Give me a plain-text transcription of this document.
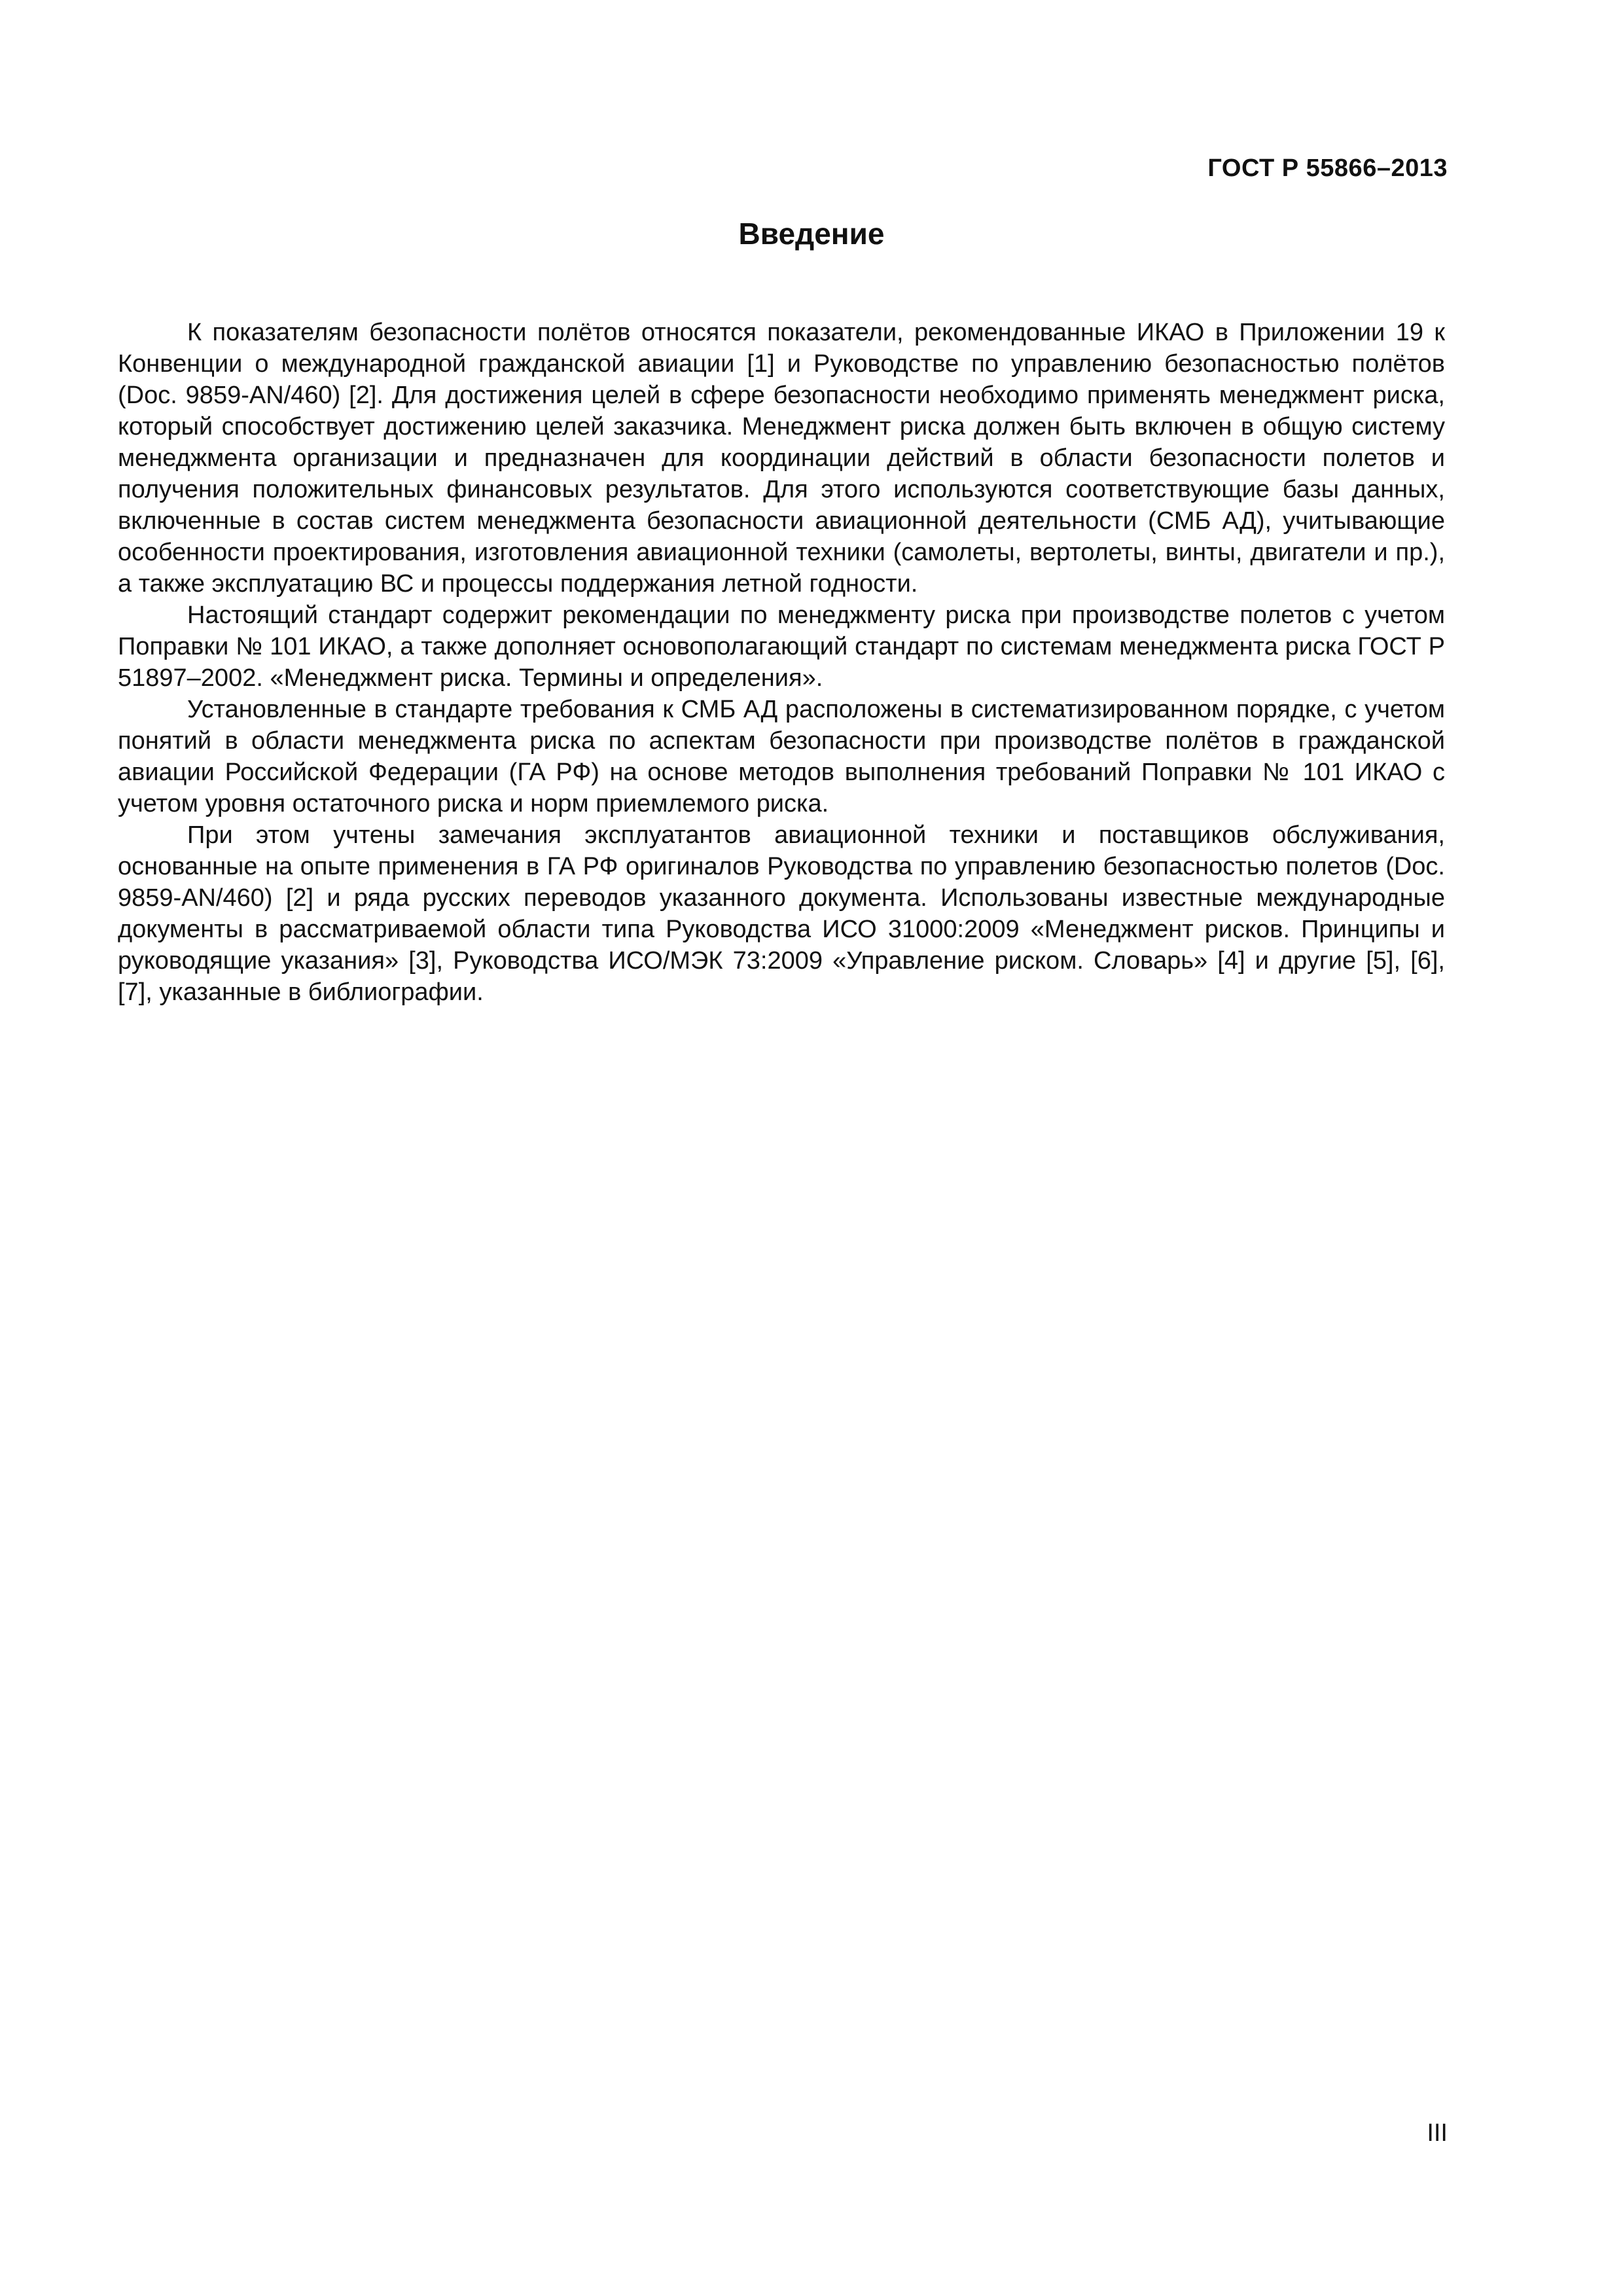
ГОСТ Р 55866–2013
Введение

К показателям безопасности полётов относятся показатели, рекомендованные ИКАО в Приложении 19 к Конвенции о международной гражданской авиации [1] и Руководстве по управлению безопасностью полётов (Doc. 9859-AN/460) [2]. Для достижения целей в сфере безопасности необходимо применять менеджмент риска, который способствует достижению целей заказчика. Менеджмент риска должен быть включен в общую систему менеджмента организации и предназначен для координации действий в области безопасности полетов и получения положительных финансовых результатов. Для этого используются соответствующие базы данных, включенные в состав систем менеджмента безопасности авиационной деятельности (СМБ АД), учитывающие особенности проектирования, изготовления авиационной техники (самолеты, вертолеты, винты, двигатели и пр.), а также эксплуатацию ВС и процессы поддержания летной годности.

Настоящий стандарт содержит рекомендации по менеджменту риска при производстве полетов с учетом Поправки № 101 ИКАО, а также дополняет основополагающий стандарт по системам менеджмента риска ГОСТ Р 51897–2002. «Менеджмент риска. Термины и определения».

Установленные в стандарте требования к СМБ АД расположены в систематизированном порядке, с учетом понятий в области менеджмента риска по аспектам безопасности при производстве полётов в гражданской авиации Российской Федерации (ГА РФ) на основе методов выполнения требований Поправки № 101 ИКАО с учетом уровня остаточного риска и норм приемлемого риска.

При этом учтены замечания эксплуатантов авиационной техники и поставщиков обслуживания, основанные на опыте применения в ГА РФ оригиналов Руководства по управлению безопасностью полетов (Doc. 9859-AN/460) [2] и ряда русских переводов указанного документа. Использованы известные международные документы в рассматриваемой области типа Руководства ИСО 31000:2009 «Менеджмент рисков. Принципы и руководящие указания» [3], Руководства ИСО/МЭК 73:2009 «Управление риском. Словарь» [4] и другие [5], [6], [7], указанные в библиографии.

III
